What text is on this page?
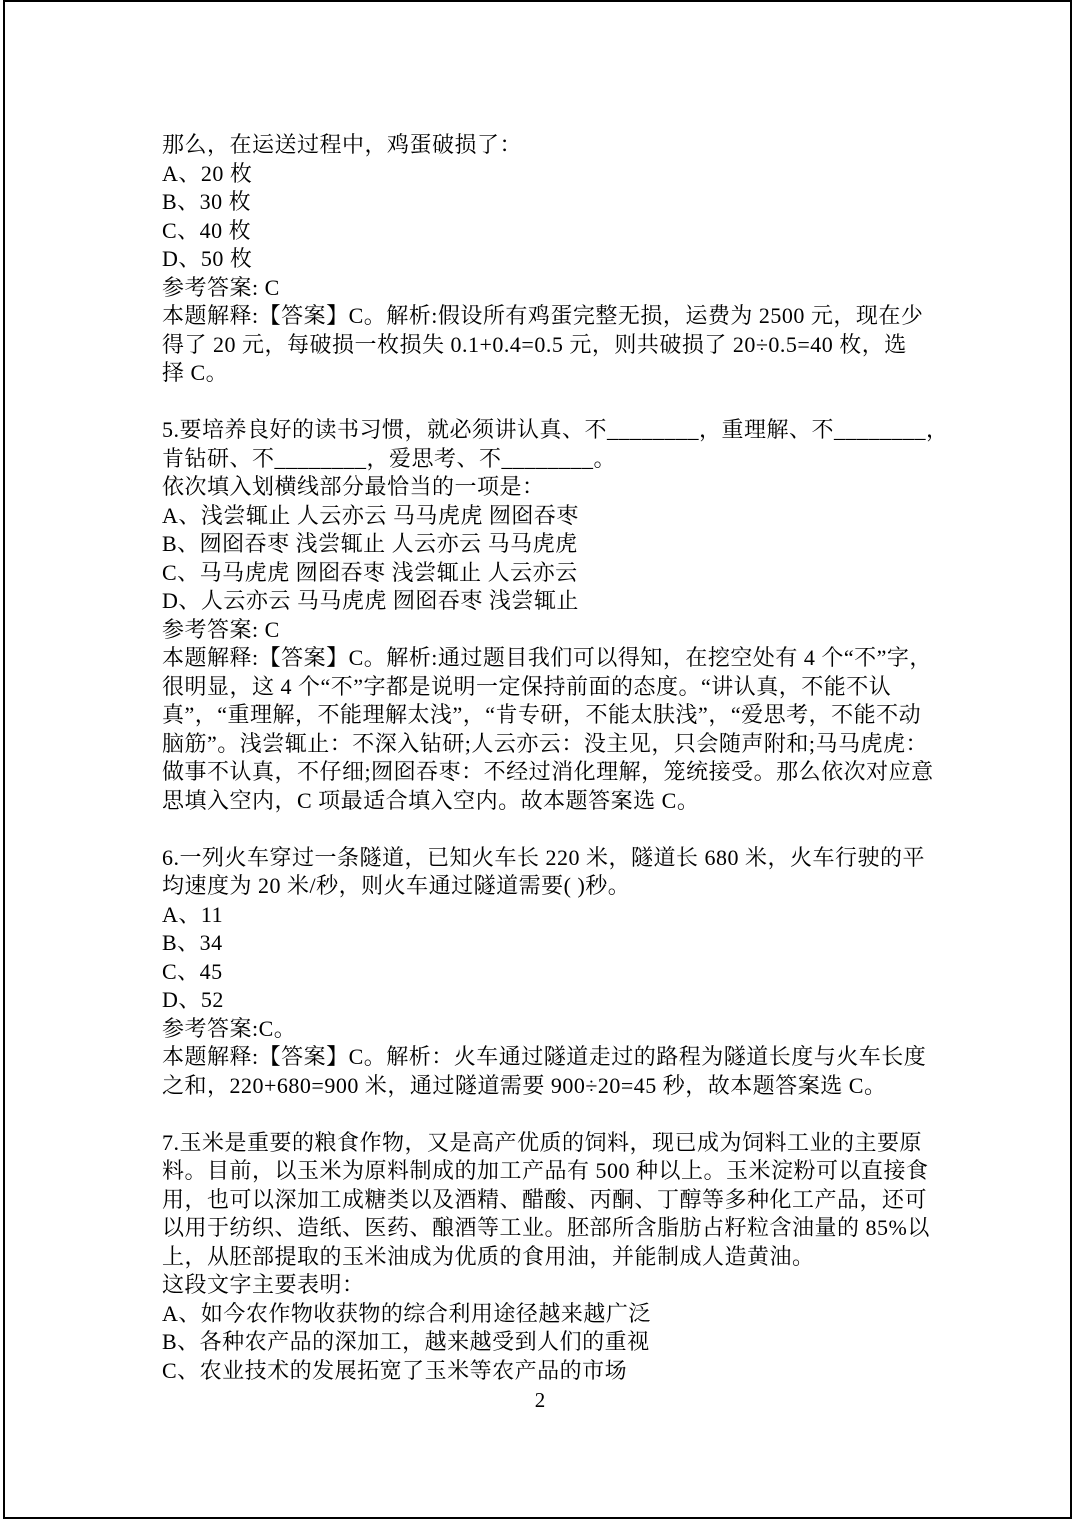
那么，在运送过程中，鸡蛋破损了：
A、20 枚
B、30 枚
C、40 枚
D、50 枚
参考答案: C
本题解释:【答案】C。解析:假设所有鸡蛋完整无损，运费为 2500 元，现在少
得了 20 元，每破损一枚损失 0.1+0.4=0.5 元，则共破损了 20÷0.5=40 枚，选
择 C。
5.要培养良好的读书习惯，就必须讲认真、不________，重理解、不________，
肯钻研、不________，爱思考、不________。
依次填入划横线部分最恰当的一项是：
A、浅尝辄止 人云亦云 马马虎虎 囫囵吞枣
B、囫囵吞枣 浅尝辄止 人云亦云 马马虎虎
C、马马虎虎 囫囵吞枣 浅尝辄止 人云亦云
D、人云亦云 马马虎虎 囫囵吞枣 浅尝辄止
参考答案: C
本题解释:【答案】C。解析:通过题目我们可以得知，在挖空处有 4 个“不”字，
很明显，这 4 个“不”字都是说明一定保持前面的态度。“讲认真，不能不认
真”，“重理解，不能理解太浅”，“肯专研，不能太肤浅”，“爱思考，不能不动
脑筋”。浅尝辄止：不深入钻研;人云亦云：没主见，只会随声附和;马马虎虎：
做事不认真，不仔细;囫囵吞枣：不经过消化理解，笼统接受。那么依次对应意
思填入空内，C 项最适合填入空内。故本题答案选 C。
6.一列火车穿过一条隧道，已知火车长 220 米，隧道长 680 米，火车行驶的平
均速度为 20 米/秒，则火车通过隧道需要( )秒。
A、11
B、34
C、45
D、52
参考答案:C。
本题解释:【答案】C。解析：火车通过隧道走过的路程为隧道长度与火车长度
之和，220+680=900 米，通过隧道需要 900÷20=45 秒，故本题答案选 C。
7.玉米是重要的粮食作物，又是高产优质的饲料，现已成为饲料工业的主要原
料。目前，以玉米为原料制成的加工产品有 500 种以上。玉米淀粉可以直接食
用，也可以深加工成糖类以及酒精、醋酸、丙酮、丁醇等多种化工产品，还可
以用于纺织、造纸、医药、酿酒等工业。胚部所含脂肪占籽粒含油量的 85%以
上，从胚部提取的玉米油成为优质的食用油，并能制成人造黄油。
这段文字主要表明：
A、如今农作物收获物的综合利用途径越来越广泛
B、各种农产品的深加工，越来越受到人们的重视
C、农业技术的发展拓宽了玉米等农产品的市场
2
